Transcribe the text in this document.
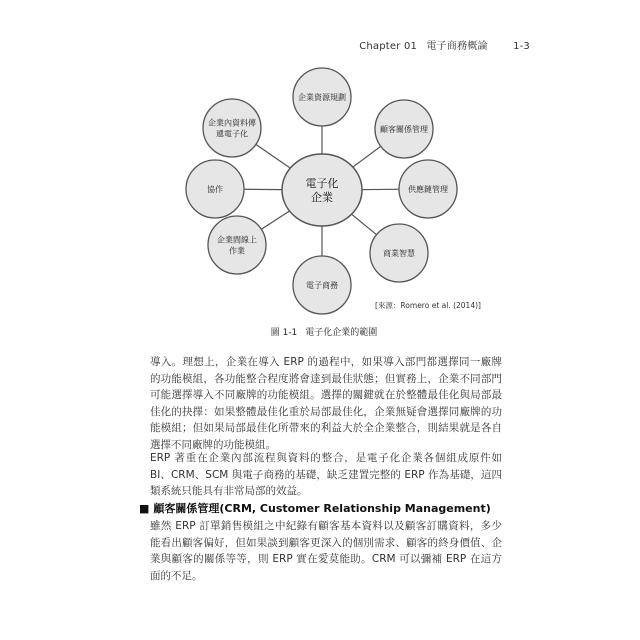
Chapter 01 電子商務概論	1-3
企業資源規劃
顧客關係管理
供應鏈管理
商業智慧
電子商務
企業間線上
作業
協作
企業內資料傳
遞電子化
電子化
企業
[來源：Romero et al. (2014)]
圖 1-1 電子化企業的範圍

導入。理想上，企業在導入 ERP 的過程中，如果導入部門都選擇同一廠牌的功能模組，各功能整合程度將會達到最佳狀態；但實務上，企業不同部門可能選擇導入不同廠牌的功能模組。選擇的關鍵就在於整體最佳化與局部最佳化的抉擇：如果整體最佳化重於局部最佳化，企業無疑會選擇同廠牌的功能模組；但如果局部最佳化所帶來的利益大於全企業整合，則結果就是各自選擇不同廠牌的功能模組。

ERP 著重在企業內部流程與資料的整合，是電子化企業各個組成原件如 BI、CRM、SCM 與電子商務的基礎，缺乏建置完整的 ERP 作為基礎，這四類系統只能具有非常局部的效益。

■ 顧客關係管理(CRM, Customer Relationship Management)

雖然 ERP 訂單銷售模組之中紀錄有顧客基本資料以及顧客訂購資料，多少能看出顧客偏好，但如果談到顧客更深入的個別需求、顧客的終身價值、企業與顧客的關係等等，則 ERP 實在愛莫能助。CRM 可以彌補 ERP 在這方面的不足。
